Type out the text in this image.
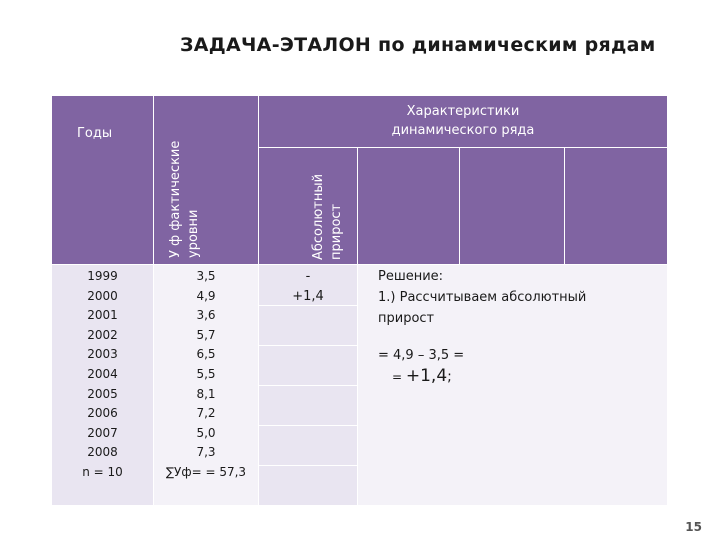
ЗАДАЧА-ЭТАЛОН по динамическим рядам
Годы
У ф фактические уровни
Характеристики
динамического ряда
Абсолютный прирост
1999
2000
2001
2002
2003
2004
2005
2006
2007
2008
n = 10
3,5
4,9
3,6
5,7
6,5
5,5
8,1
7,2
5,0
7,3
∑Уф= = 57,3
-
+1,4
Решение:
1.) Рассчитываем абсолютный
прирост
= 4,9 – 3,5 =
= +1,4;
15
